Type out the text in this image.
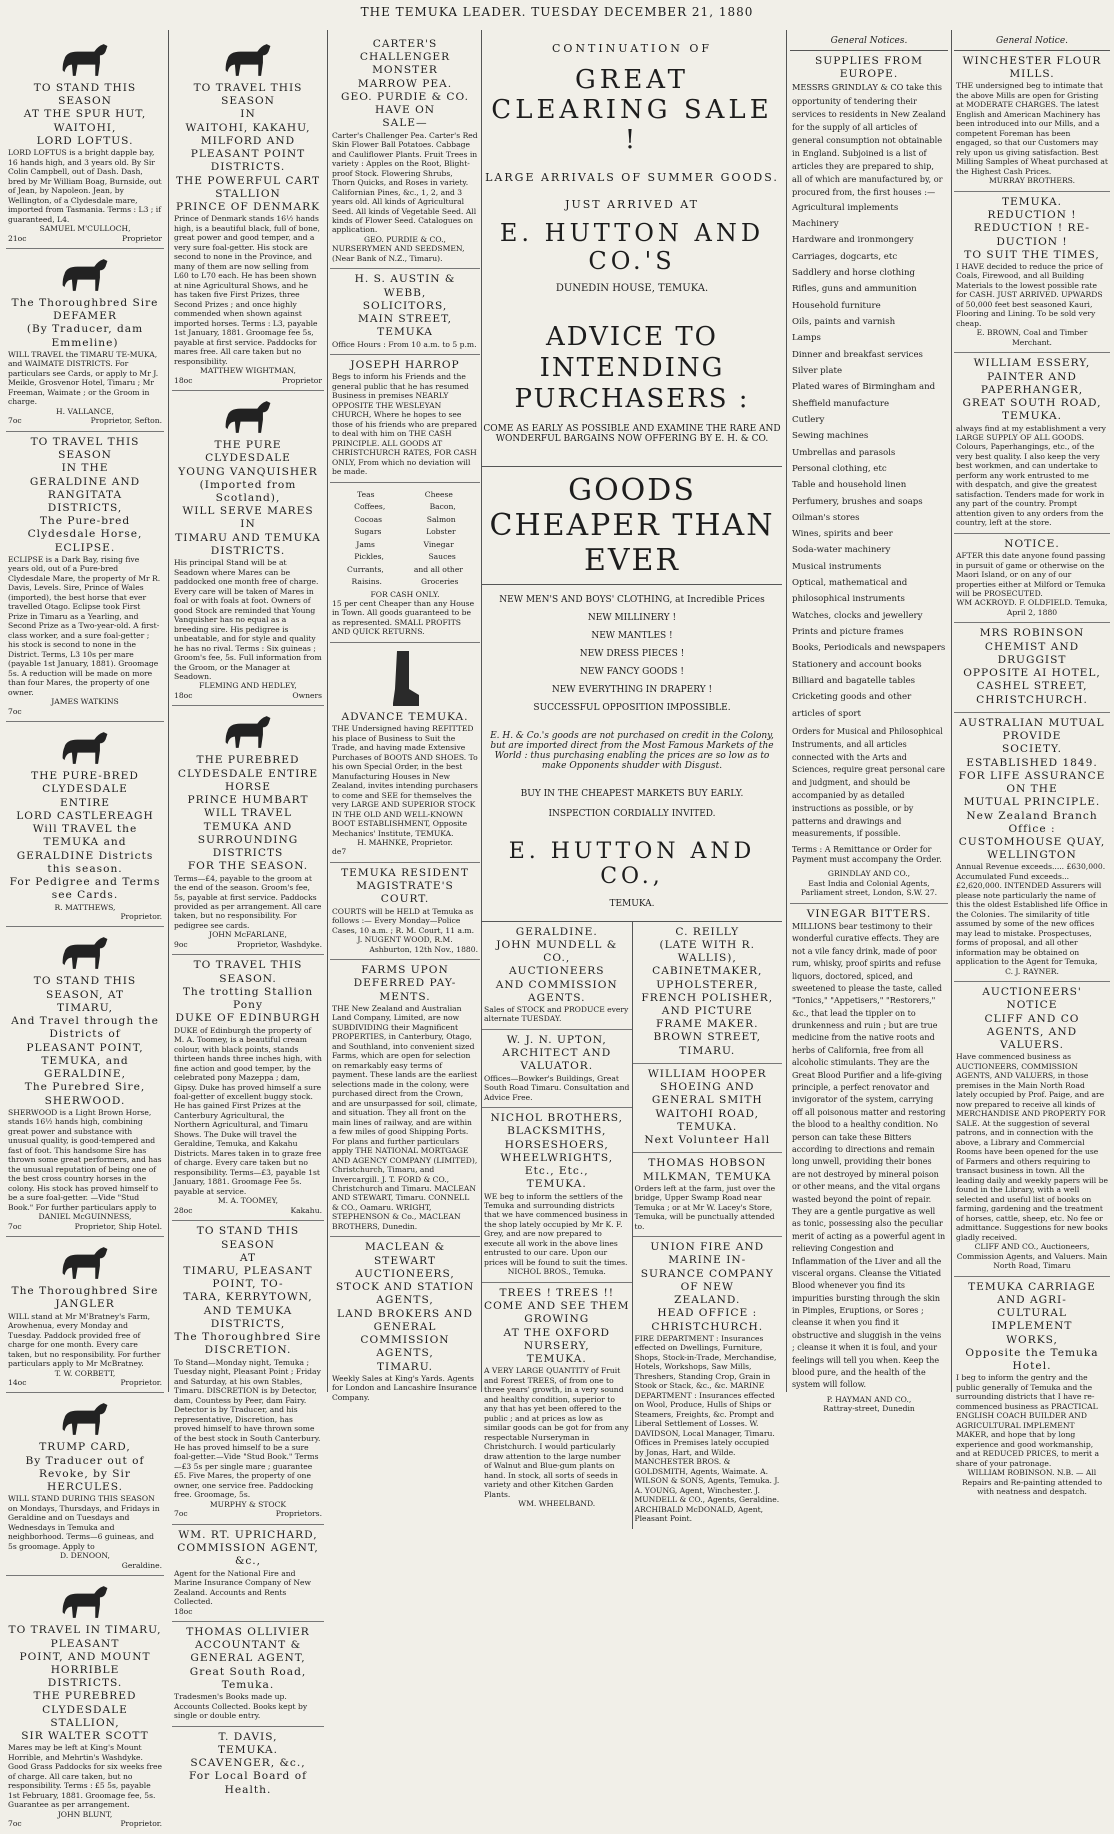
THE TEMUKA LEADER. TUESDAY DECEMBER 21, 1880

TO STAND THIS SEASON

AT THE SPUR HUT, WAITOHI,

LORD LOFTUS.

LORD LOFTUS is a bright dapple bay, 16 hands high, and 3 years old. By Sir Colin Campbell, out of Dash. Dash, bred by Mr William Boag, Burnside, out of Jean, by Napoleon. Jean, by Wellington, of a Clydesdale mare, imported from Tasmania. Terms : L3 ; if guaranteed, L4.

SAMUEL M'CULLOCH,

21oc	Proprietor

The Thoroughbred Sire

DEFAMER

(By Traducer, dam Emmeline)

WILL TRAVEL the TIMARU TE-MUKA, and WAIMATE DISTRICTS. For particulars see Cards, or apply to Mr J. Meikle, Grosvenor Hotel, Timaru ; Mr Freeman, Waimate ; or the Groom in charge.

H. VALLANCE,

7oc	Proprietor, Sefton.

TO TRAVEL THIS SEASON

IN THE

GERALDINE AND RANGITATA

DISTRICTS,

The Pure-bred Clydesdale Horse,

ECLIPSE.

ECLIPSE is a Dark Bay, rising five years old, out of a Pure-bred Clydesdale Mare, the property of Mr R. Davis, Levels. Sire, Prince of Wales (imported), the best horse that ever travelled Otago. Eclipse took First Prize in Timaru as a Yearling, and Second Prize as a Two-year-old. A first-class worker, and a sure foal-getter ; his stock is second to none in the District. Terms, L3 10s per mare (payable 1st January, 1881). Groomage 5s. A reduction will be made on more than four Mares, the property of one owner.

JAMES WATKINS

7oc

THE PURE-BRED CLYDESDALE

ENTIRE

LORD CASTLEREAGH

Will TRAVEL the TEMUKA and GERALDINE Districts this season.

For Pedigree and Terms see Cards.

R. MATTHEWS,

Proprietor.

TO STAND THIS SEASON, AT

TIMARU,

And Travel through the Districts of

PLEASANT POINT, TEMUKA, and

GERALDINE,

The Purebred Sire,

SHERWOOD.

SHERWOOD is a Light Brown Horse, stands 16½ hands high, combining great power and substance with unusual quality, is good-tempered and fast of foot. This handsome Sire has thrown some great performers, and has the unusual reputation of being one of the best cross country horses in the colony. His stock has proved himself to be a sure foal-getter. —Vide "Stud Book." For further particulars apply to

DANIEL McGUINNESS,

7oc	Proprietor, Ship Hotel.

The Thoroughbred Sire

JANGLER

WILL stand at Mr M'Bratney's Farm, Arowhenua, every Monday and Tuesday. Paddock provided free of charge for one month. Every care taken, but no responsibility. For further particulars apply to Mr McBratney.

T. W. CORBETT,

14oc	Proprietor.

TRUMP CARD,

By Traducer out of Revoke, by Sir

HERCULES.

WILL STAND DURING THIS SEASON on Mondays, Thursdays, and Fridays in Geraldine and on Tuesdays and Wednesdays in Temuka and neighborhood. Terms—6 guineas, and 5s groomage. Apply to

D. DENOON,

Geraldine.

TO TRAVEL IN TIMARU, PLEASANT

POINT, AND MOUNT HORRIBLE

DISTRICTS.

THE PUREBRED CLYDESDALE

STALLION,

SIR WALTER SCOTT

Mares may be left at King's Mount Horrible, and Mehrtin's Washdyke. Good Grass Paddocks for six weeks free of charge. All care taken, but no responsibility. Terms : £5 5s, payable 1st February, 1881. Groomage fee, 5s. Guarantee as per arrangement.

JOHN BLUNT,

7oc	Proprietor.

TO TRAVEL THIS SEASON

IN

WAITOHI, KAKAHU, MILFORD AND

PLEASANT POINT DISTRICTS.

THE POWERFUL CART STALLION

PRINCE OF DENMARK

Prince of Denmark stands 16½ hands high, is a beautiful black, full of bone, great power and good temper, and a very sure foal-getter. His stock are second to none in the Province, and many of them are now selling from L60 to L70 each. He has been shown at nine Agricultural Shows, and he has taken five First Prizes, three Second Prizes ; and once highly commended when shown against imported horses. Terms : L3, payable 1st January, 1881. Groomage fee 5s, payable at first service. Paddocks for mares free. All care taken but no responsibility.

MATTHEW WIGHTMAN,

18oc	Proprietor

THE PURE CLYDESDALE

YOUNG VANQUISHER

(Imported from Scotland),

WILL SERVE MARES

IN

TIMARU AND TEMUKA DISTRICTS.

His principal Stand will be at Seadown where Mares can be paddocked one month free of charge. Every care will be taken of Mares in foal or with foals at foot. Owners of good Stock are reminded that Young Vanquisher has no equal as a breeding sire. His pedigree is unbeatable, and for style and quality he has no rival. Terms : Six guineas ; Groom's fee, 5s. Full information from the Groom, or the Manager at Seadown.

FLEMING AND HEDLEY,

18oc	Owners

THE PUREBRED CLYDESDALE ENTIRE HORSE

PRINCE HUMBART

WILL TRAVEL TEMUKA AND SURROUNDING DISTRICTS

FOR THE SEASON.

Terms—£4, payable to the groom at the end of the season. Groom's fee, 5s, payable at first service. Paddocks provided as per arrangement. All care taken, but no responsibility. For pedigree see cards.

JOHN McFARLANE,

9oc	Proprietor, Washdyke.

TO TRAVEL THIS SEASON.

The trotting Stallion Pony

DUKE OF EDINBURGH

DUKE of Edinburgh the property of M. A. Toomey, is a beautiful cream colour, with black points, stands thirteen hands three inches high, with fine action and good temper, by the celebrated pony Mazeppa ; dam, Gipsy. Duke has proved himself a sure foal-getter of excellent buggy stock. He has gained First Prizes at the Canterbury Agricultural, the Northern Agricultural, and Timaru Shows. The Duke will travel the Geraldine, Temuka, and Kakahu Districts. Mares taken in to graze free of charge. Every care taken but no responsibility. Terms—£3, payable 1st January, 1881. Groomage Fee 5s. payable at service.

M. A. TOOMEY,

28oc	Kakahu.

TO STAND THIS SEASON

AT

TIMARU, PLEASANT POINT, TO-

TARA, KERRYTOWN, AND TEMUKA

DISTRICTS,

The Thoroughbred Sire

DISCRETION.

To Stand—Monday night, Temuka ; Tuesday night, Pleasant Point ; Friday and Saturday, at his own Stables, Timaru. DISCRETION is by Detector, dam, Countess by Peer, dam Fairy. Detector is by Traducer, and his representative, Discretion, has proved himself to have thrown some of the best stock in South Canterbury. He has proved himself to be a sure foal-getter.—Vide "Stud Book." Terms—£3 5s per single mare ; guarantee £5. Five Mares, the property of one owner, one service free. Paddocking free. Groomage, 5s.

MURPHY & STOCK

7oc	Proprietors.

WM. RT. UPRICHARD,

COMMISSION AGENT, &c.,

Agent for the National Fire and Marine Insurance Company of New Zealand. Accounts and Rents Collected.

18oc

THOMAS OLLIVIER

ACCOUNTANT & GENERAL AGENT,

Great South Road, Temuka.

Tradesmen's Books made up. Accounts Collected. Books kept by single or double entry.

T. DAVIS,

TEMUKA.

SCAVENGER, &c.,

For Local Board of Health.

CARTER'S CHALLENGER MONSTER

MARROW PEA.

GEO. PURDIE & CO. HAVE ON

SALE—

Carter's Challenger Pea. Carter's Red Skin Flower Ball Potatoes. Cabbage and Cauliflower Plants. Fruit Trees in variety : Apples on the Root, Blight-proof Stock. Flowering Shrubs, Thorn Quicks, and Roses in variety. Californian Pines, &c., 1, 2, and 3 years old. All kinds of Agricultural Seed. All kinds of Vegetable Seed. All kinds of Flower Seed. Catalogues on application.

GEO. PURDIE & CO.,

NURSERYMEN AND SEEDSMEN, (Near Bank of N.Z., Timaru).

H. S. AUSTIN & WEBB,

SOLICITORS,

MAIN STREET, TEMUKA

Office Hours : From 10 a.m. to 5 p.m.

JOSEPH HARROP

Begs to inform his Friends and the general public that he has resumed Business in premises NEARLY OPPOSITE THE WESLEYAN CHURCH, Where he hopes to see those of his friends who are prepared to deal with him on THE CASH PRINCIPLE. ALL GOODS AT CHRISTCHURCH RATES, FOR CASH ONLY, From which no deviation will be made.

Teas	Cheese
Coffees,	Bacon,
Cocoas	Salmon
Sugars	Lobster
Jams	Vinegar
Pickles,	Sauces
Currants,	and all other
Raisins.	Groceries

FOR CASH ONLY.

15 per cent Cheaper than any House in Town. All goods guaranteed to be as represented. SMALL PROFITS AND QUICK RETURNS.

ADVANCE TEMUKA.

THE Undersigned having REFITTED his place of Business to Suit the Trade, and having made Extensive Purchases of BOOTS AND SHOES. To his own Special Order, in the best Manufacturing Houses in New Zealand, invites intending purchasers to come and SEE for themselves the very LARGE AND SUPERIOR STOCK IN THE OLD AND WELL-KNOWN BOOT ESTABLISHMENT, Opposite Mechanics' Institute, TEMUKA.

H. MAHNKE, Proprietor.

de7

TEMUKA RESIDENT MAGISTRATE'S

COURT.

COURTS will be HELD at Temuka as follows :— Every Monday—Police Cases, 10 a.m. ; R. M. Court, 11 a.m.

J. NUGENT WOOD, R.M.

Ashburton, 12th Nov., 1880.

FARMS UPON DEFERRED PAY-

MENTS.

THE New Zealand and Australian Land Company, Limited, are now SUBDIVIDING their Magnificent PROPERTIES, in Canterbury, Otago, and Southland, into convenient sized Farms, which are open for selection on remarkably easy terms of payment. These lands are the earliest selections made in the colony, were purchased direct from the Crown, and are unsurpassed for soil, climate, and situation. They all front on the main lines of railway, and are within a few miles of good Shipping Ports. For plans and further particulars apply THE NATIONAL MORTGAGE AND AGENCY COMPANY (LIMITED), Christchurch, Timaru, and Invercargill. J. T. FORD & CO., Christchurch and Timaru. MACLEAN AND STEWART, Timaru. CONNELL & CO., Oamaru. WRIGHT, STEPHENSON & Co., MACLEAN BROTHERS, Dunedin.

MACLEAN & STEWART

AUCTIONEERS,

STOCK AND STATION AGENTS,

LAND BROKERS AND GENERAL

COMMISSION AGENTS,

TIMARU.

Weekly Sales at King's Yards. Agents for London and Lancashire Insurance Company.

CONTINUATION OF
GREAT CLEARING SALE !
LARGE ARRIVALS OF SUMMER GOODS.
JUST ARRIVED AT
E. HUTTON AND CO.'S
DUNEDIN HOUSE, TEMUKA.
ADVICE TO INTENDING PURCHASERS :
COME AS EARLY AS POSSIBLE AND EXAMINE THE RARE AND WONDERFUL BARGAINS NOW OFFERING BY E. H. & CO.
GOODS CHEAPER THAN EVER
NEW MEN'S AND BOYS' CLOTHING, at Incredible Prices
NEW MILLINERY !
NEW MANTLES !
NEW DRESS PIECES !
NEW FANCY GOODS !
NEW EVERYTHING IN DRAPERY !
SUCCESSFUL OPPOSITION IMPOSSIBLE.
E. H. & Co.'s goods are not purchased on credit in the Colony, but are imported direct from the Most Famous Markets of the World : thus purchasing enabling the prices are so low as to make Opponents shudder with Disgust.
BUY IN THE CHEAPEST MARKETS BUY EARLY.
INSPECTION CORDIALLY INVITED.
E. HUTTON AND CO.,
TEMUKA.

GERALDINE.

JOHN MUNDELL & CO.,

AUCTIONEERS

AND COMMISSION AGENTS.

Sales of STOCK and PRODUCE every alternate TUESDAY.

W. J. N. UPTON,

ARCHITECT AND VALUATOR.

Offices—Bowker's Buildings, Great South Road Timaru. Consultation and Advice Free.

NICHOL BROTHERS,

BLACKSMITHS, HORSESHOERS,

WHEELWRIGHTS, Etc., Etc.,

TEMUKA.

WE beg to inform the settlers of the Temuka and surrounding districts that we have commenced business in the shop lately occupied by Mr K. F. Grey, and are now prepared to execute all work in the above lines entrusted to our care. Upon our prices will be found to suit the times.

NICHOL BROS., Temuka.

TREES ! TREES !!

COME AND SEE THEM GROWING

AT THE OXFORD NURSERY,

TEMUKA.

A VERY LARGE QUANTITY of Fruit and Forest TREES, of from one to three years' growth, in a very sound and healthy condition, superior to any that has yet been offered to the public ; and at prices as low as similar goods can be got for from any respectable Nurseryman in Christchurch. I would particularly draw attention to the large number of Walnut and Blue-gum plants on hand. In stock, all sorts of seeds in variety and other Kitchen Garden Plants.

WM. WHEELBAND.

C. REILLY

(LATE WITH R. WALLIS),

CABINETMAKER, UPHOLSTERER,

FRENCH POLISHER, AND PICTURE

FRAME MAKER.

BROWN STREET, TIMARU.

WILLIAM HOOPER

SHOEING AND GENERAL SMITH

WAITOHI ROAD, TEMUKA.

Next Volunteer Hall

THOMAS HOBSON

MILKMAN, TEMUKA

Orders left at the farm, just over the bridge, Upper Swamp Road near Temuka ; or at Mr W. Lacey's Store, Temuka, will be punctually attended to.

UNION FIRE AND MARINE IN-

SURANCE COMPANY OF NEW

ZEALAND.

HEAD OFFICE : CHRISTCHURCH.

FIRE DEPARTMENT : Insurances effected on Dwellings, Furniture, Shops, Stock-in-Trade, Merchandise, Hotels, Workshops, Saw Mills, Threshers, Standing Crop, Grain in Stook or Stack, &c., &c. MARINE DEPARTMENT : Insurances effected on Wool, Produce, Hulls of Ships or Steamers, Freights, &c. Prompt and Liberal Settlement of Losses. W. DAVIDSON, Local Manager, Timaru. Offices in Premises lately occupied by Jonas, Hart, and Wilde. MANCHESTER BROS. & GOLDSMITH, Agents, Waimate. A. WILSON & SONS, Agents, Temuka. J. A. YOUNG, Agent, Winchester. J. MUNDELL & CO., Agents, Geraldine. ARCHIBALD McDONALD, Agent, Pleasant Point.

General Notices.

SUPPLIES FROM EUROPE.

MESSRS GRINDLAY & CO take this opportunity of tendering their services to residents in New Zealand for the supply of all articles of general consumption not obtainable in England. Subjoined is a list of articles they are prepared to ship, all of which are manufactured by, or procured from, the first houses :—

Agricultural implements
Machinery
Hardware and ironmongery
Carriages, dogcarts, etc
Saddlery and horse clothing
Rifles, guns and ammunition
Household furniture
Oils, paints and varnish
Lamps
Dinner and breakfast services
Silver plate
Plated wares of Birmingham and Sheffield manufacture
Cutlery
Sewing machines
Umbrellas and parasols
Personal clothing, etc
Table and household linen
Perfumery, brushes and soaps
Oilman's stores
Wines, spirits and beer
Soda-water machinery
Musical instruments
Optical, mathematical and philosophical instruments
Watches, clocks and jewellery
Prints and picture frames
Books, Periodicals and newspapers
Stationery and account books
Billiard and bagatelle tables
Cricketing goods and other articles of sport

Orders for Musical and Philosophical Instruments, and all articles connected with the Arts and Sciences, require great personal care and judgment, and should be accompanied by as detailed instructions as possible, or by patterns and drawings and measurements, if possible.

Terms : A Remittance or Order for Payment must accompany the Order.

GRINDLAY AND CO.,

East India and Colonial Agents,

Parliament street, London, S.W. 27.

VINEGAR BITTERS.

MILLIONS bear testimony to their wonderful curative effects. They are not a vile fancy drink, made of poor rum, whisky, proof spirits and refuse liquors, doctored, spiced, and sweetened to please the taste, called "Tonics," "Appetisers," "Restorers," &c., that lead the tippler on to drunkenness and ruin ; but are true medicine from the native roots and herbs of California, free from all alcoholic stimulants. They are the Great Blood Purifier and a life-giving principle, a perfect renovator and invigorator of the system, carrying off all poisonous matter and restoring the blood to a healthy condition. No person can take these Bitters according to directions and remain long unwell, providing their bones are not destroyed by mineral poison or other means, and the vital organs wasted beyond the point of repair. They are a gentle purgative as well as tonic, possessing also the peculiar merit of acting as a powerful agent in relieving Congestion and Inflammation of the Liver and all the visceral organs. Cleanse the Vitiated Blood whenever you find its impurities bursting through the skin in Pimples, Eruptions, or Sores ; cleanse it when you find it obstructive and sluggish in the veins ; cleanse it when it is foul, and your feelings will tell you when. Keep the blood pure, and the health of the system will follow.

P. HAYMAN AND CO.,

Rattray-street, Dunedin

General Notice.

WINCHESTER FLOUR MILLS.

THE undersigned beg to intimate that the above Mills are open for Gristing at MODERATE CHARGES. The latest English and American Machinery has been introduced into our Mills, and a competent Foreman has been engaged, so that our Customers may rely upon us giving satisfaction. Best Milling Samples of Wheat purchased at the Highest Cash Prices.

MURRAY BROTHERS.

TEMUKA.

REDUCTION ! REDUCTION ! RE-

DUCTION !

TO SUIT THE TIMES,

I HAVE decided to reduce the price of Coals, Firewood, and all Building Materials to the lowest possible rate for CASH. JUST ARRIVED. UPWARDS of 50,000 feet best seasoned Kauri, Flooring and Lining. To be sold very cheap.

E. BROWN, Coal and Timber Merchant.

WILLIAM ESSERY,

PAINTER AND PAPERHANGER,

GREAT SOUTH ROAD, TEMUKA.

always find at my establishment a very LARGE SUPPLY OF ALL GOODS. Colours, Paperhangings, etc., of the very best quality. I also keep the very best workmen, and can undertake to perform any work entrusted to me with despatch, and give the greatest satisfaction. Tenders made for work in any part of the country. Prompt attention given to any orders from the country, left at the store.

NOTICE.

AFTER this date anyone found passing in pursuit of game or otherwise on the Maori Island, or on any of our properties either at Milford or Temuka will be PROSECUTED.

WM ACKROYD. F. OLDFIELD. Temuka, April 2, 1880

MRS ROBINSON

CHEMIST AND DRUGGIST

OPPOSITE AI HOTEL,

CASHEL STREET, CHRISTCHURCH.

AUSTRALIAN MUTUAL PROVIDE

SOCIETY.

ESTABLISHED 1849.

FOR LIFE ASSURANCE ON THE

MUTUAL PRINCIPLE.

New Zealand Branch Office :

CUSTOMHOUSE QUAY, WELLINGTON

Annual Revenue exceeds..... £630,000. Accumulated Fund exceeds... £2,620,000. INTENDED Assurers will please note particularly the name of this the oldest Established life Office in the Colonies. The similarity of title assumed by some of the new offices may lead to mistake. Prospectuses, forms of proposal, and all other information may be obtained on application to the Agent for Temuka,

C. J. RAYNER.

AUCTIONEERS' NOTICE

CLIFF AND CO

AGENTS, AND VALUERS.

Have commenced business as AUCTIONEERS, COMMISSION AGENTS, AND VALUERS, in those premises in the Main North Road lately occupied by Prof. Paige, and are now prepared to receive all kinds of MERCHANDISE AND PROPERTY FOR SALE. At the suggestion of several patrons, and in connection with the above, a Library and Commercial Rooms have been opened for the use of Farmers and others requiring to transact business in town. All the leading daily and weekly papers will be found in the Library, with a well selected and useful list of books on farming, gardening and the treatment of horses, cattle, sheep, etc. No fee or admittance. Suggestions for new books gladly received.

CLIFF AND CO., Auctioneers, Commission Agents, and Valuers. Main North Road, Timaru

TEMUKA CARRIAGE AND AGRI-

CULTURAL IMPLEMENT

WORKS,

Opposite the Temuka Hotel.

I beg to inform the gentry and the public generally of Temuka and the surrounding districts that I have re-commenced business as PRACTICAL ENGLISH COACH BUILDER AND AGRICULTURAL IMPLEMENT MAKER, and hope that by long experience and good workmanship, and at REDUCED PRICES, to merit a share of your patronage.

WILLIAM ROBINSON. N.B. — All Repairs and Re-painting attended to with neatness and despatch.
